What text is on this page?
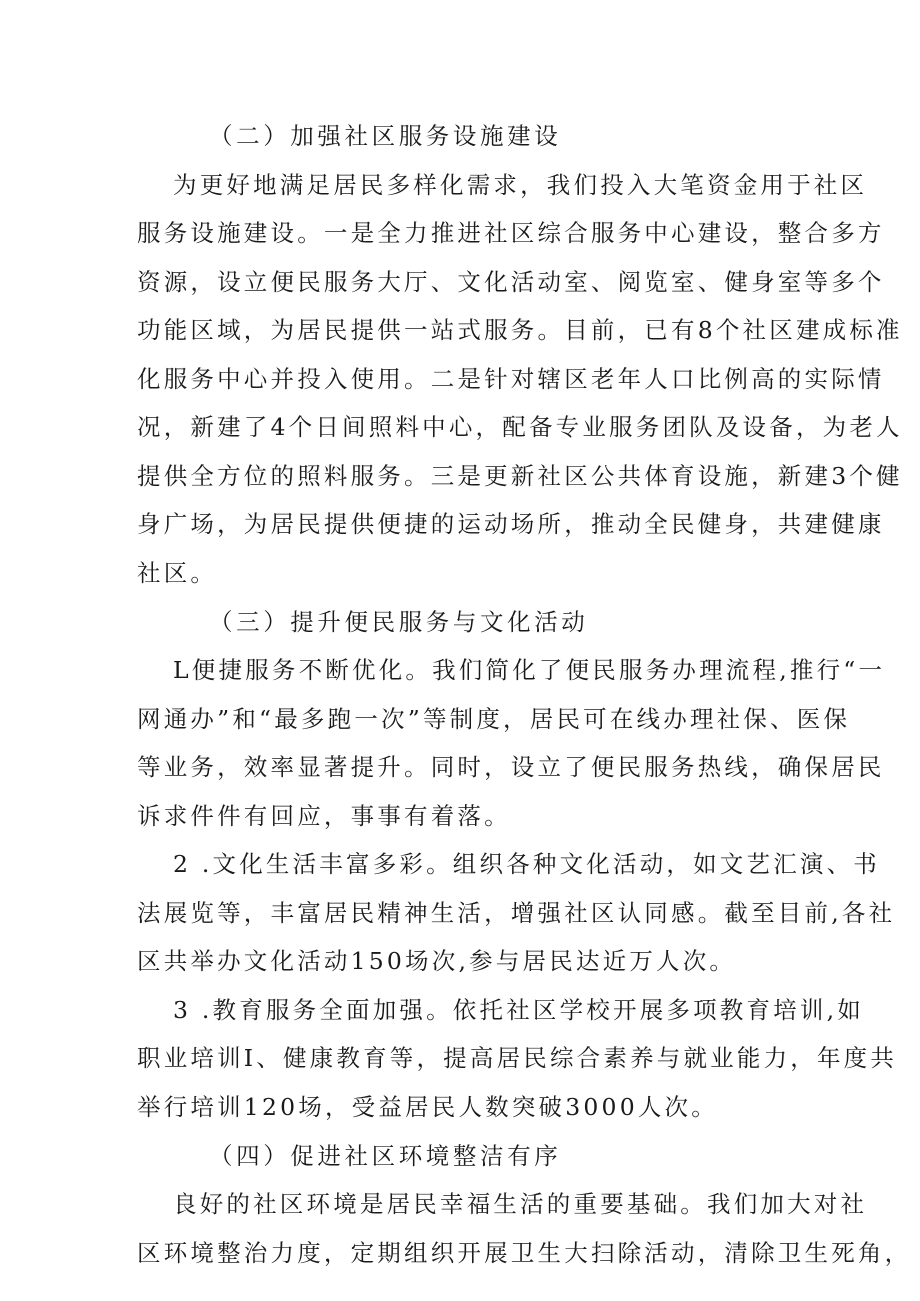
（二）加强社区服务设施建设

为更好地满足居民多样化需求，我们投入大笔资金用于社区

服务设施建设。一是全力推进社区综合服务中心建设，整合多方

资源，设立便民服务大厅、文化活动室、阅览室、健身室等多个

功能区域，为居民提供一站式服务。目前，已有8个社区建成标准

化服务中心并投入使用。二是针对辖区老年人口比例高的实际情

况，新建了4个日间照料中心，配备专业服务团队及设备，为老人

提供全方位的照料服务。三是更新社区公共体育设施，新建3个健

身广场，为居民提供便捷的运动场所，推动全民健身，共建健康

社区。

（三）提升便民服务与文化活动

L便捷服务不断优化。我们简化了便民服务办理流程,推行“一

网通办”和“最多跑一次”等制度，居民可在线办理社保、医保

等业务，效率显著提升。同时，设立了便民服务热线，确保居民

诉求件件有回应，事事有着落。

2 .文化生活丰富多彩。组织各种文化活动，如文艺汇演、书

法展览等，丰富居民精神生活，增强社区认同感。截至目前,各社

区共举办文化活动150场次,参与居民达近万人次。

3 .教育服务全面加强。依托社区学校开展多项教育培训,如

职业培训I、健康教育等，提高居民综合素养与就业能力，年度共

举行培训120场，受益居民人数突破3000人次。

（四）促进社区环境整洁有序

良好的社区环境是居民幸福生活的重要基础。我们加大对社

区环境整治力度，定期组织开展卫生大扫除活动，清除卫生死角，
